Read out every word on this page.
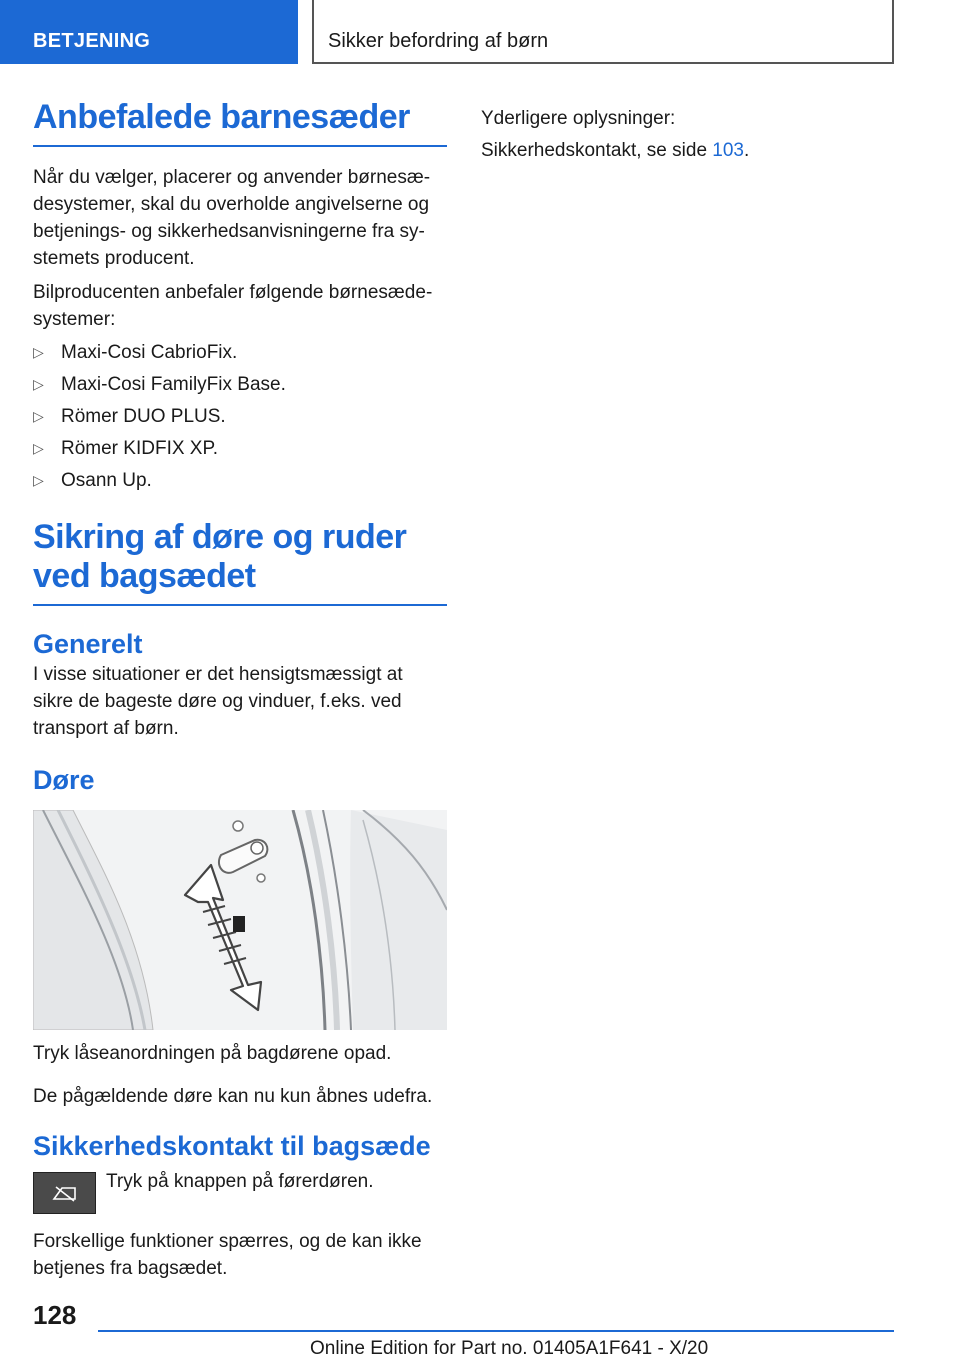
BETJENING	Sikker befordring af børn
Anbefalede barnesæder

Når du vælger, placerer og anvender børnesædesystemer, skal du overholde angivelserne og betjenings- og sikkerhedsanvisningerne fra systemets producent.

Bilproducenten anbefaler følgende børnesædesystemer:

▷ Maxi-Cosi CabrioFix.
▷ Maxi-Cosi FamilyFix Base.
▷ Römer DUO PLUS.
▷ Römer KIDFIX XP.
▷ Osann Up.
Sikring af døre og ruder ved bagsædet
Generelt

I visse situationer er det hensigtsmæssigt at sikre de bageste døre og vinduer, f.eks. ved transport af børn.

Døre

Tryk låseanordningen på bagdørene opad.

De pågældende døre kan nu kun åbnes udefra.

Sikkerhedskontakt til bagsæde

Tryk på knappen på førerdøren.

Forskellige funktioner spærres, og de kan ikke betjenes fra bagsædet.

Yderligere oplysninger:

Sikkerhedskontakt, se side 103.

128
Online Edition for Part no. 01405A1F641 - X/20
